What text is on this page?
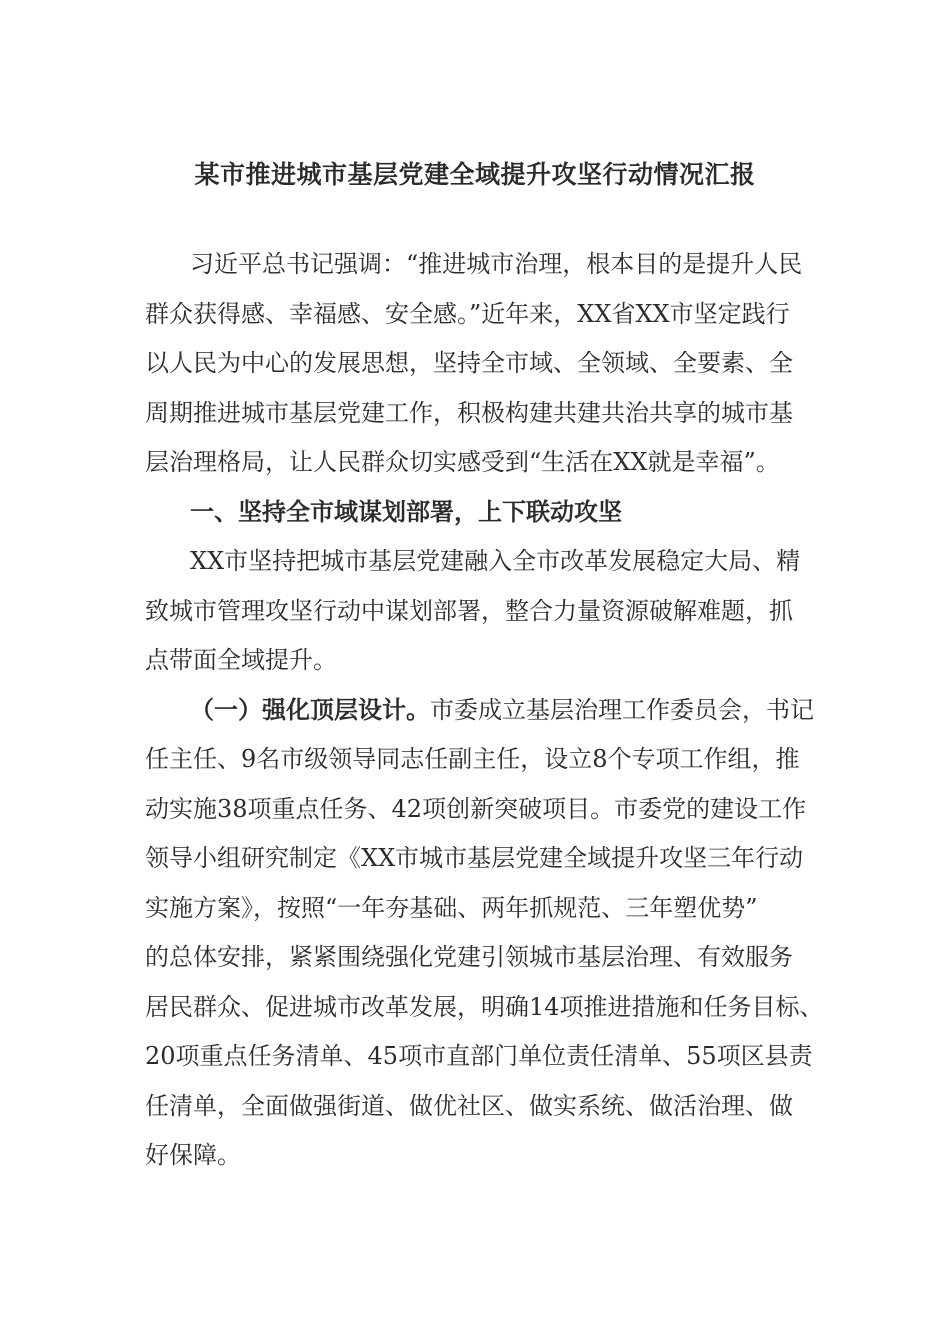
某市推进城市基层党建全域提升攻坚行动情况汇报
习近平总书记强调：“推进城市治理，根本目的是提升人民
群众获得感、幸福感、安全感。”近年来，XX省XX市坚定践行
以人民为中心的发展思想，坚持全市域、全领域、全要素、全
周期推进城市基层党建工作，积极构建共建共治共享的城市基
层治理格局，让人民群众切实感受到“生活在XX就是幸福”。
一、坚持全市域谋划部署，上下联动攻坚
XX市坚持把城市基层党建融入全市改革发展稳定大局、精
致城市管理攻坚行动中谋划部署，整合力量资源破解难题，抓
点带面全域提升。
（一）强化顶层设计。市委成立基层治理工作委员会，书记
任主任、9名市级领导同志任副主任，设立8个专项工作组，推
动实施38项重点任务、42项创新突破项目。市委党的建设工作
领导小组研究制定《XX市城市基层党建全域提升攻坚三年行动
实施方案》，按照“一年夯基础、两年抓规范、三年塑优势”
的总体安排，紧紧围绕强化党建引领城市基层治理、有效服务
居民群众、促进城市改革发展，明确14项推进措施和任务目标、
20项重点任务清单、45项市直部门单位责任清单、55项区县责
任清单，全面做强街道、做优社区、做实系统、做活治理、做
好保障。
